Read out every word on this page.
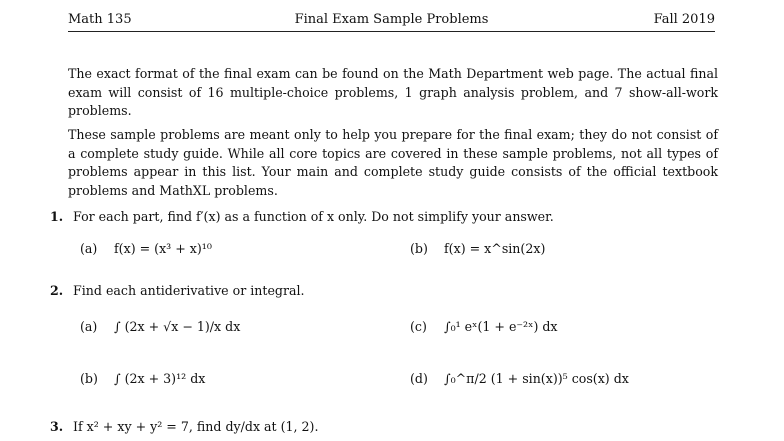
Math 135	Final Exam Sample Problems	Fall 2019
The exact format of the final exam can be found on the Math Department web page. The actual final exam will consist of 16 multiple-choice problems, 1 graph analysis problem, and 7 show-all-work problems.
These sample problems are meant only to help you prepare for the final exam; they do not consist of a complete study guide. While all core topics are covered in these sample problems, not all types of problems appear in this list. Your main and complete study guide consists of the official textbook problems and MathXL problems.
1. For each part, find f′(x) as a function of x only. Do not simplify your answer.
(a) f(x) = (x³ + x)¹⁰	(b) f(x) = x^sin(2x)
2. Find each antiderivative or integral.
(a) ∫ (2x + √x − 1)/x dx	(c) ∫₀¹ eˣ(1 + e⁻²ˣ) dx
(b) ∫ (2x + 3)¹² dx	(d) ∫₀^π/2 (1 + sin(x))⁵ cos(x) dx
3. If x² + xy + y² = 7, find dy/dx at (1, 2).
